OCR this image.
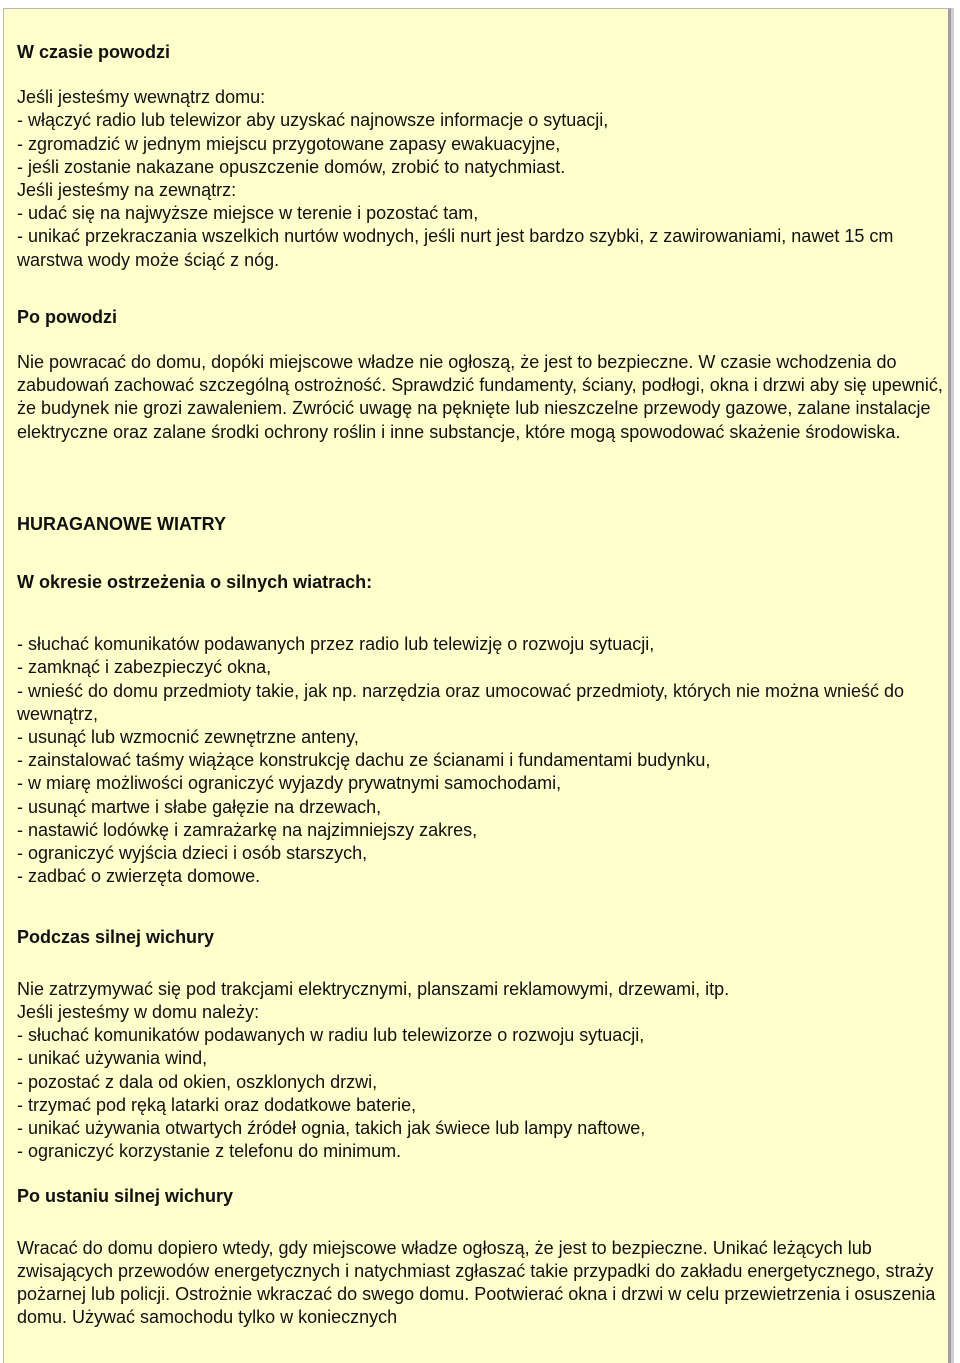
W czasie powodzi

Jeśli jesteśmy wewnątrz domu:

- włączyć radio lub telewizor aby uzyskać najnowsze informacje o sytuacji,

- zgromadzić w jednym miejscu przygotowane zapasy ewakuacyjne,

- jeśli zostanie nakazane opuszczenie domów, zrobić to natychmiast.

Jeśli jesteśmy na zewnątrz:

- udać się na najwyższe miejsce w terenie i pozostać tam,

- unikać przekraczania wszelkich nurtów wodnych, jeśli nurt jest bardzo szybki, z zawirowaniami, nawet 15 cm warstwa wody może ściąć z nóg.

Po powodzi

Nie powracać do domu, dopóki miejscowe władze nie ogłoszą, że jest to bezpieczne. W czasie wchodzenia do zabudowań zachować szczególną ostrożność. Sprawdzić fundamenty, ściany, podłogi, okna i drzwi aby się upewnić, że budynek nie grozi zawaleniem. Zwrócić uwagę na pęknięte lub nieszczelne przewody gazowe, zalane instalacje elektryczne oraz zalane środki ochrony roślin i inne substancje, które mogą spowodować skażenie środowiska.

HURAGANOWE WIATRY

W okresie ostrzeżenia o silnych wiatrach:

- słuchać komunikatów podawanych przez radio lub telewizję o rozwoju sytuacji,

- zamknąć i zabezpieczyć okna,

- wnieść do domu przedmioty takie, jak np. narzędzia oraz umocować przedmioty, których nie można wnieść do wewnątrz,

- usunąć lub wzmocnić zewnętrzne anteny,

- zainstalować taśmy wiążące konstrukcję dachu ze ścianami i fundamentami budynku,

- w miarę możliwości ograniczyć wyjazdy prywatnymi samochodami,

- usunąć martwe i słabe gałęzie na drzewach,

- nastawić lodówkę i zamrażarkę na najzimniejszy zakres,

- ograniczyć wyjścia dzieci i osób starszych,

- zadbać o zwierzęta domowe.

Podczas silnej wichury

Nie zatrzymywać się pod trakcjami elektrycznymi, planszami reklamowymi, drzewami, itp.

Jeśli jesteśmy w domu należy:

- słuchać komunikatów podawanych w radiu lub telewizorze o rozwoju sytuacji,

- unikać używania wind,

- pozostać z dala od okien, oszklonych drzwi,

- trzymać pod ręką latarki oraz dodatkowe baterie,

- unikać używania otwartych źródeł ognia, takich jak świece lub lampy naftowe,

- ograniczyć korzystanie z telefonu do minimum.

Po ustaniu silnej wichury

Wracać do domu dopiero wtedy, gdy miejscowe władze ogłoszą, że jest to bezpieczne. Unikać leżących lub zwisających przewodów energetycznych i natychmiast zgłaszać takie przypadki do zakładu energetycznego, straży pożarnej lub policji. Ostrożnie wkraczać do swego domu. Pootwierać okna i drzwi w celu przewietrzenia i osuszenia domu. Używać samochodu tylko w koniecznych
